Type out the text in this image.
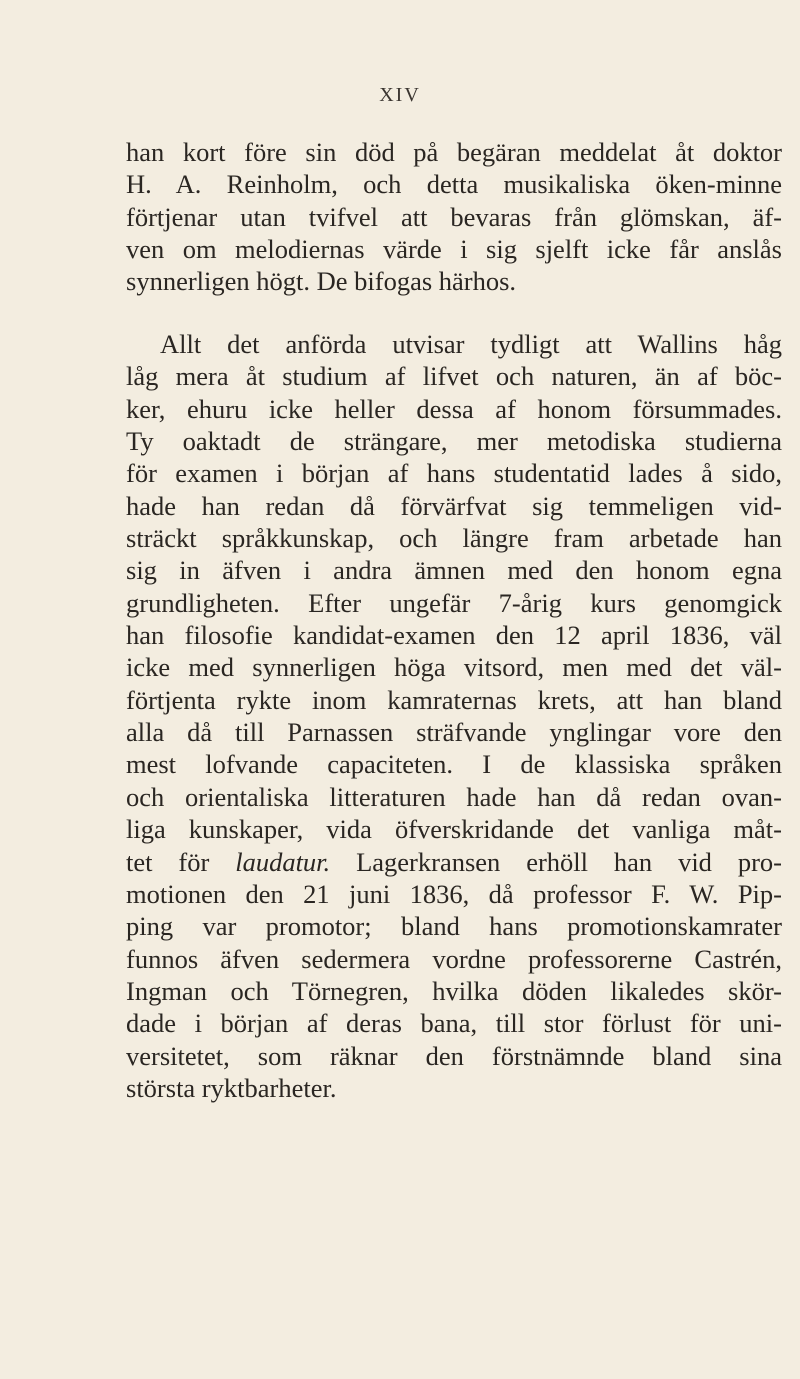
XIV
han kort före sin död på begäran meddelat åt doktor
H. A. Reinholm, och detta musikaliska öken-minne
förtjenar utan tvifvel att bevaras från glömskan, äf-
ven om melodiernas värde i sig sjelft icke får anslås
synnerligen högt. De bifogas härhos.
Allt det anförda utvisar tydligt att Wallins håg
låg mera åt studium af lifvet och naturen, än af böc-
ker, ehuru icke heller dessa af honom försummades.
Ty oaktadt de strängare, mer metodiska studierna
för examen i början af hans studentatid lades å sido,
hade han redan då förvärfvat sig temmeligen vid-
sträckt språkkunskap, och längre fram arbetade han
sig in äfven i andra ämnen med den honom egna
grundligheten. Efter ungefär 7-årig kurs genomgick
han filosofie kandidat-examen den 12 april 1836, väl
icke med synnerligen höga vitsord, men med det väl-
förtjenta rykte inom kamraternas krets, att han bland
alla då till Parnassen sträfvande ynglingar vore den
mest lofvande capaciteten. I de klassiska språken
och orientaliska litteraturen hade han då redan ovan-
liga kunskaper, vida öfverskridande det vanliga måt-
tet för laudatur. Lagerkransen erhöll han vid pro-
motionen den 21 juni 1836, då professor F. W. Pip-
ping var promotor; bland hans promotionskamrater
funnos äfven sedermera vordne professorerne Castrén,
Ingman och Törnegren, hvilka döden likaledes skör-
dade i början af deras bana, till stor förlust för uni-
versitetet, som räknar den förstnämnde bland sina
största ryktbarheter.
